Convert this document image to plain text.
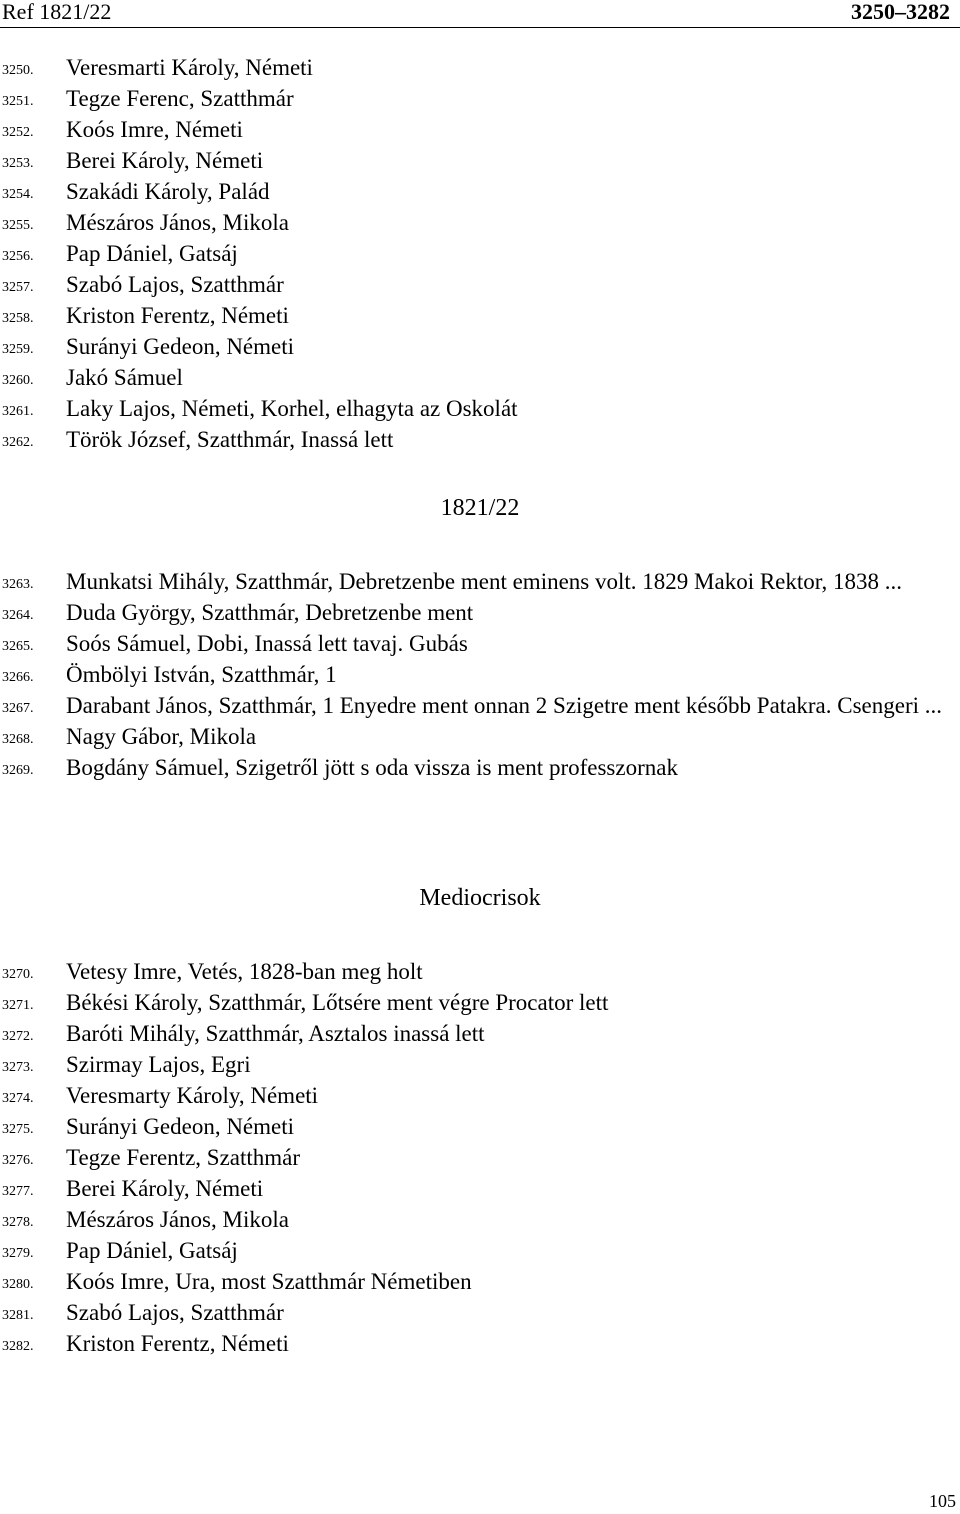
Ref 1821/22	3250–3282
3250. Veresmarti Károly, Németi
3251. Tegze Ferenc, Szatthmár
3252. Koós Imre, Németi
3253. Berei Károly, Németi
3254. Szakádi Károly, Palád
3255. Mészáros János, Mikola
3256. Pap Dániel, Gatsáj
3257. Szabó Lajos, Szatthmár
3258. Kriston Ferentz, Németi
3259. Surányi Gedeon, Németi
3260. Jakó Sámuel
3261. Laky Lajos, Németi, Korhel, elhagyta az Oskolát
3262. Török József, Szatthmár, Inassá lett
1821/22
3263. Munkatsi Mihály, Szatthmár, Debretzenbe ment eminens volt. 1829 Makoi Rektor, 1838 ...
3264. Duda György, Szatthmár, Debretzenbe ment
3265. Soós Sámuel, Dobi, Inassá lett tavaj. Gubás
3266. Ömbölyi István, Szatthmár, 1
3267. Darabant János, Szatthmár, 1 Enyedre ment onnan 2 Szigetre ment később Patakra. Csengeri ...
3268. Nagy Gábor, Mikola
3269. Bogdány Sámuel, Szigetről jött s oda vissza is ment professzornak
Mediocrisok
3270. Vetesy Imre, Vetés, 1828-ban meg holt
3271. Békési Károly, Szatthmár, Lőtsére ment végre Procator lett
3272. Baróti Mihály, Szatthmár, Asztalos inassá lett
3273. Szirmay Lajos, Egri
3274. Veresmarty Károly, Németi
3275. Surányi Gedeon, Németi
3276. Tegze Ferentz, Szatthmár
3277. Berei Károly, Németi
3278. Mészáros János, Mikola
3279. Pap Dániel, Gatsáj
3280. Koós Imre, Ura, most Szatthmár Németiben
3281. Szabó Lajos, Szatthmár
3282. Kriston Ferentz, Németi
105
